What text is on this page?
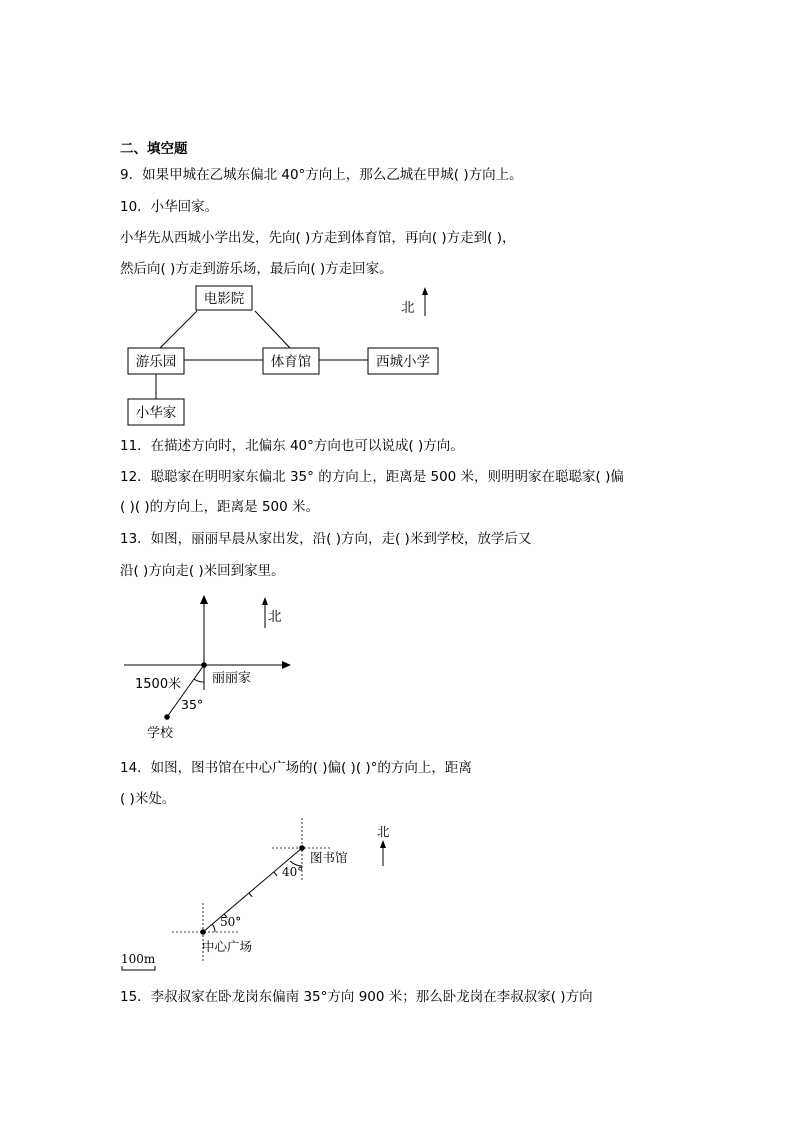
二、填空题
9．如果甲城在乙城东偏北 40°方向上，那么乙城在甲城( )方向上。
10．小华回家。
小华先从西城小学出发，先向( )方走到体育馆，再向( )方走到( )，
然后向( )方走到游乐场，最后向( )方走回家。
电影院
游乐园	体育馆	西城小学
小华家
北
11．在描述方向时，北偏东 40°方向也可以说成( )方向。
12．聪聪家在明明家东偏北 35° 的方向上，距离是 500 米，则明明家在聪聪家( )偏
( )( )的方向上，距离是 500 米。
13．如图，丽丽早晨从家出发，沿( )方向，走( )米到学校，放学后又
沿( )方向走( )米回到家里。
北
1500米 丽丽家
35°
学校
14．如图，图书馆在中心广场的( )偏( )( )°的方向上，距离
( )米处。
图书馆
40°
50°
中心广场
北
100m
15．李叔叔家在卧龙岗东偏南 35°方向 900 米；那么卧龙岗在李叔叔家( )方向
